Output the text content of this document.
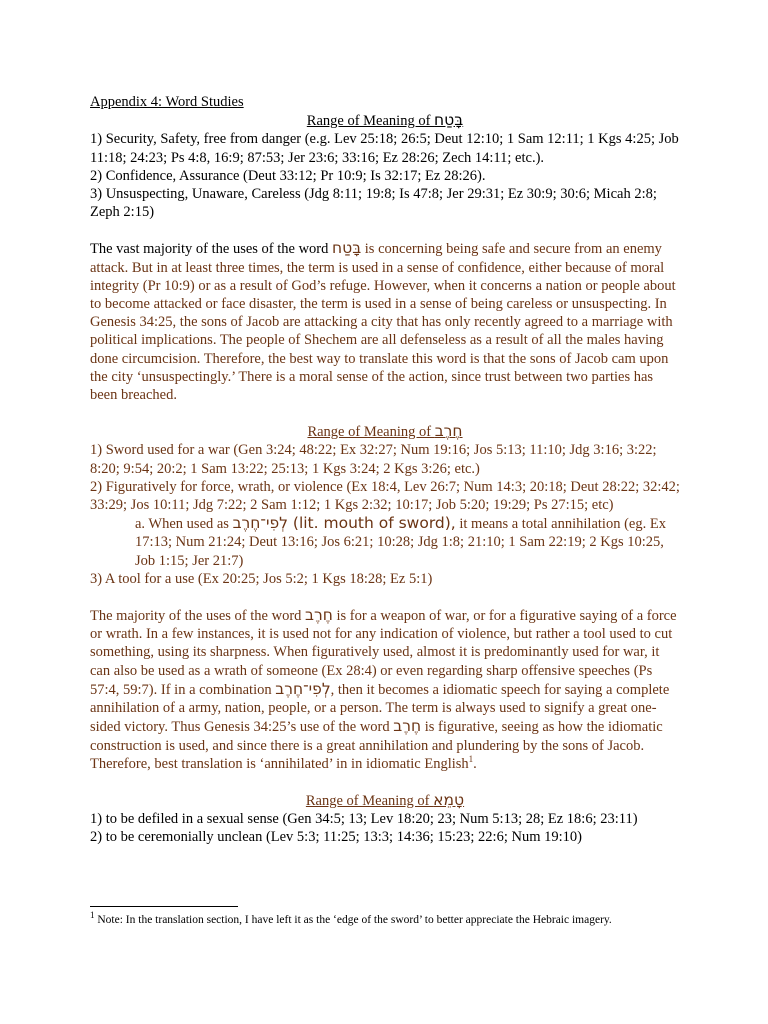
Appendix 4: Word Studies

Range of Meaning of בָּטַח

1) Security, Safety, free from danger (e.g. Lev 25:18; 26:5; Deut 12:10; 1 Sam 12:11; 1 Kgs 4:25; Job 11:18; 24:23; Ps 4:8, 16:9; 87:53; Jer 23:6; 33:16; Ez 28:26; Zech 14:11; etc.).

2) Confidence, Assurance (Deut 33:12; Pr 10:9; Is 32:17; Ez 28:26).

3) Unsuspecting, Unaware, Careless (Jdg 8:11; 19:8; Is 47:8; Jer 29:31; Ez 30:9; 30:6; Micah 2:8; Zeph 2:15)

The vast majority of the uses of the word בָּטַח is concerning being safe and secure from an enemy attack. But in at least three times, the term is used in a sense of confidence, either because of moral integrity (Pr 10:9) or as a result of God’s refuge. However, when it concerns a nation or people about to become attacked or face disaster, the term is used in a sense of being careless or unsuspecting. In Genesis 34:25, the sons of Jacob are attacking a city that has only recently agreed to a marriage with political implications. The people of Shechem are all defenseless as a result of all the males having done circumcision. Therefore, the best way to translate this word is that the sons of Jacob cam upon the city ‘unsuspectingly.’ There is a moral sense of the action, since trust between two parties has been breached.

Range of Meaning of חֶרֶב

1) Sword used for a war (Gen 3:24; 48:22; Ex 32:27; Num 19:16; Jos 5:13; 11:10; Jdg 3:16; 3:22; 8:20; 9:54; 20:2; 1 Sam 13:22; 25:13; 1 Kgs 3:24; 2 Kgs 3:26; etc.)

2) Figuratively for force, wrath, or violence (Ex 18:4, Lev 26:7; Num 14:3; 20:18; Deut 28:22; 32:42; 33:29; Jos 10:11; Jdg 7:22; 2 Sam 1:12; 1 Kgs 2:32; 10:17; Job 5:20; 19:29; Ps 27:15; etc)

a. When used as לְפִי־חֶרֶב (lit. mouth of sword), it means a total annihilation (eg. Ex 17:13; Num 21:24; Deut 13:16; Jos 6:21; 10:28; Jdg 1:8; 21:10; 1 Sam 22:19; 2 Kgs 10:25, Job 1:15; Jer 21:7)

3) A tool for a use (Ex 20:25; Jos 5:2; 1 Kgs 18:28; Ez 5:1)

The majority of the uses of the word חֶרֶב is for a weapon of war, or for a figurative saying of a force or wrath. In a few instances, it is used not for any indication of violence, but rather a tool used to cut something, using its sharpness. When figuratively used, almost it is predominantly used for war, it can also be used as a wrath of someone (Ex 28:4) or even regarding sharp offensive speeches (Ps 57:4, 59:7). If in a combination לְפִי־חֶרֶב, then it becomes a idiomatic speech for saying a complete annihilation of a army, nation, people, or a person. The term is always used to signify a great one-sided victory. Thus Genesis 34:25’s use of the word חֶרֶב is figurative, seeing as how the idiomatic construction is used, and since there is a great annihilation and plundering by the sons of Jacob. Therefore, best translation is ‘annihilated’ in in idiomatic English$^1$.

Range of Meaning of טָמֵא

1) to be defiled in a sexual sense (Gen 34:5; 13; Lev 18:20; 23; Num 5:13; 28; Ez 18:6; 23:11)

2) to be ceremonially unclean (Lev 5:3; 11:25; 13:3; 14:36; 15:23; 22:6; Num 19:10)

$^1$ Note: In the translation section, I have left it as the ‘edge of the sword’ to better appreciate the Hebraic imagery.
